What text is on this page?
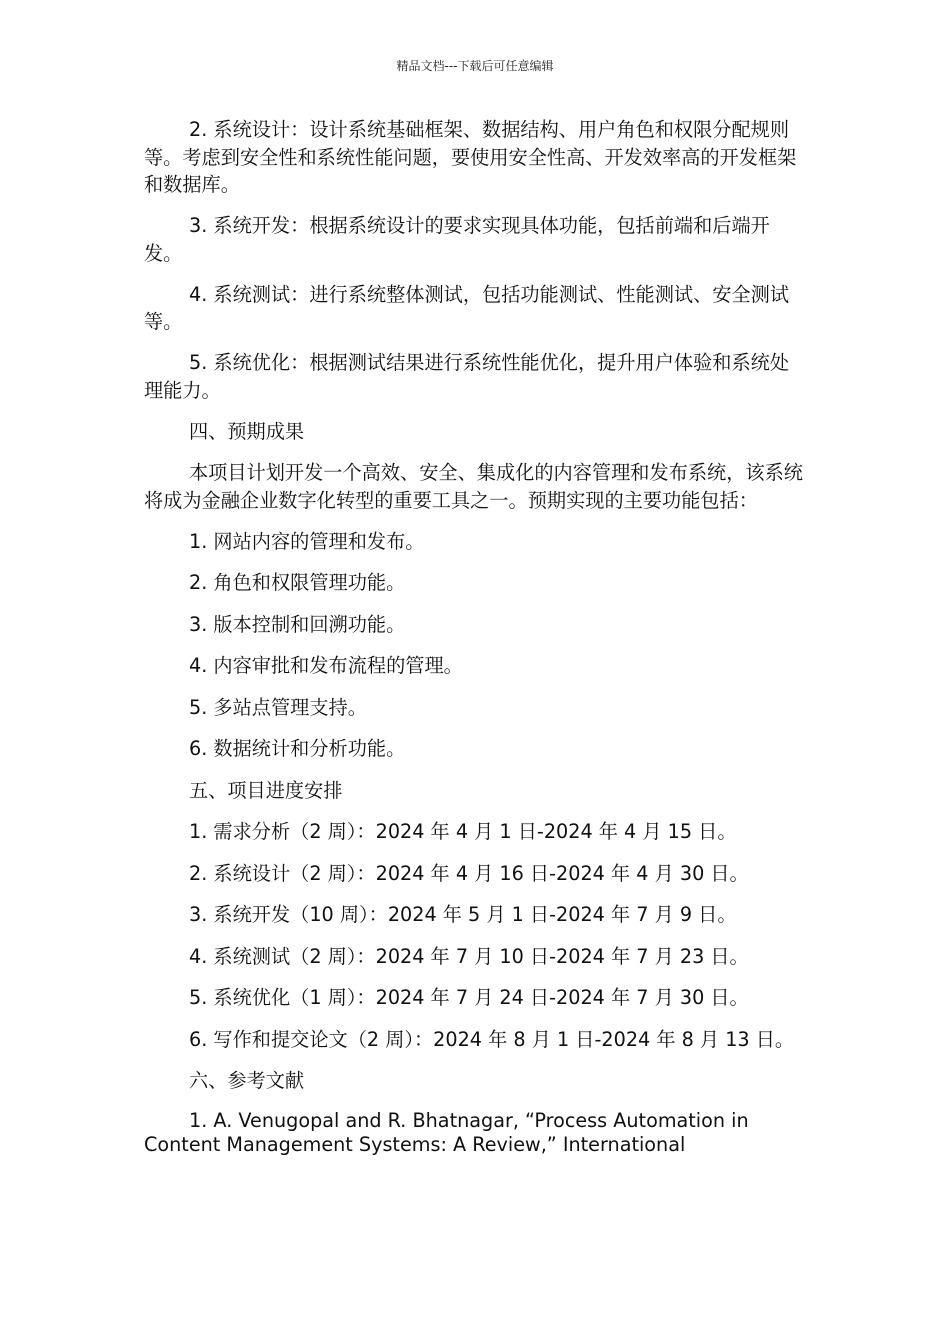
精品文档---下载后可任意编辑

2. 系统设计：设计系统基础框架、数据结构、用户角色和权限分配规则等。考虑到安全性和系统性能问题，要使用安全性高、开发效率高的开发框架和数据库。

3. 系统开发：根据系统设计的要求实现具体功能，包括前端和后端开发。

4. 系统测试：进行系统整体测试，包括功能测试、性能测试、安全测试等。

5. 系统优化：根据测试结果进行系统性能优化，提升用户体验和系统处理能力。

四、预期成果

本项目计划开发一个高效、安全、集成化的内容管理和发布系统，该系统将成为金融企业数字化转型的重要工具之一。预期实现的主要功能包括：

1. 网站内容的管理和发布。

2. 角色和权限管理功能。

3. 版本控制和回溯功能。

4. 内容审批和发布流程的管理。

5. 多站点管理支持。

6. 数据统计和分析功能。

五、项目进度安排

1. 需求分析（2 周）：2024 年 4 月 1 日-2024 年 4 月 15 日。

2. 系统设计（2 周）：2024 年 4 月 16 日-2024 年 4 月 30 日。

3. 系统开发（10 周）：2024 年 5 月 1 日-2024 年 7 月 9 日。

4. 系统测试（2 周）：2024 年 7 月 10 日-2024 年 7 月 23 日。

5. 系统优化（1 周）：2024 年 7 月 24 日-2024 年 7 月 30 日。

6. 写作和提交论文（2 周）：2024 年 8 月 1 日-2024 年 8 月 13 日。

六、参考文献

1. A. Venugopal and R. Bhatnagar, “Process Automation in Content Management Systems: A Review,” International
